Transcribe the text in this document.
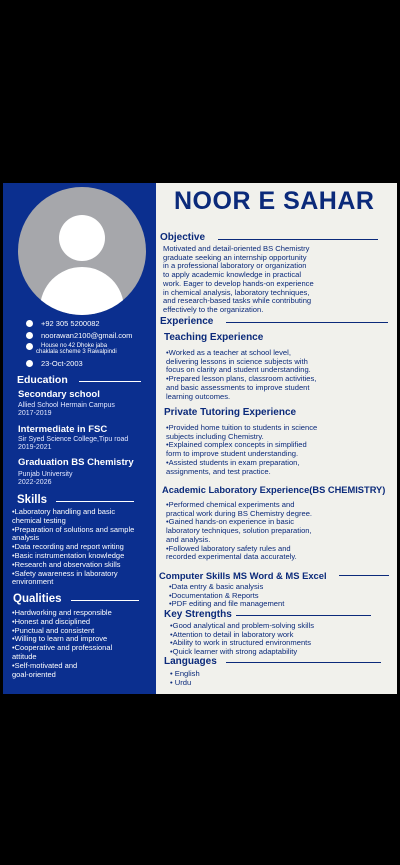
+92 305 5200082
noorawan2100@gmail.com
House no 42 Dhoke jaba
chaklala scheme 3 Rawalpindi
23-Oct-2003
Education
Secondary school
Allied School Hermain Campus
2017-2019
Intermediate in FSC
Sir Syed Science College,Tipu road
2019-2021
Graduation BS Chemistry
Punjab University
2022-2026
Skills
•Laboratory handling and basic
chemical testing
•Preparation of solutions and sample
analysis
•Data recording and report writing
•Basic instrumentation knowledge
•Research and observation skills
•Safety awareness in laboratory
environment
Qualities
•Hardworking and responsible
•Honest and disciplined
•Punctual and consistent
•Willing to learn and improve
•Cooperative and professional
attitude
•Self-motivated and
goal-oriented
NOOR E SAHAR
Objective
Motivated and detail-oriented BS Chemistry
graduate seeking an internship opportunity
in a professional laboratory or organization
to apply academic knowledge in practical
work. Eager to develop hands-on experience
in chemical analysis, laboratory techniques,
and research-based tasks while contributing
effectively to the organization.
Experience
Teaching Experience
•Worked as a teacher at school level,
delivering lessons in science subjects with
focus on clarity and student understanding.
•Prepared lesson plans, classroom activities,
and basic assessments to improve student
learning outcomes.
Private Tutoring Experience
•Provided home tuition to students in science
subjects including Chemistry.
•Explained complex concepts in simplified
form to improve student understanding.
•Assisted students in exam preparation,
assignments, and test practice.
Academic Laboratory Experience(BS CHEMISTRY)
•Performed chemical experiments and
practical work during BS Chemistry degree.
•Gained hands-on experience in basic
laboratory techniques, solution preparation,
and analysis.
•Followed laboratory safety rules and
recorded experimental data accurately.
Computer Skills MS Word & MS Excel
•Data entry & basic analysis
•Documentation & Reports
•PDF editing and file management
Key Strengths
•Good analytical and problem-solving skills
•Attention to detail in laboratory work
•Ability to work in structured environments
•Quick learner with strong adaptability
Languages
• English
• Urdu
